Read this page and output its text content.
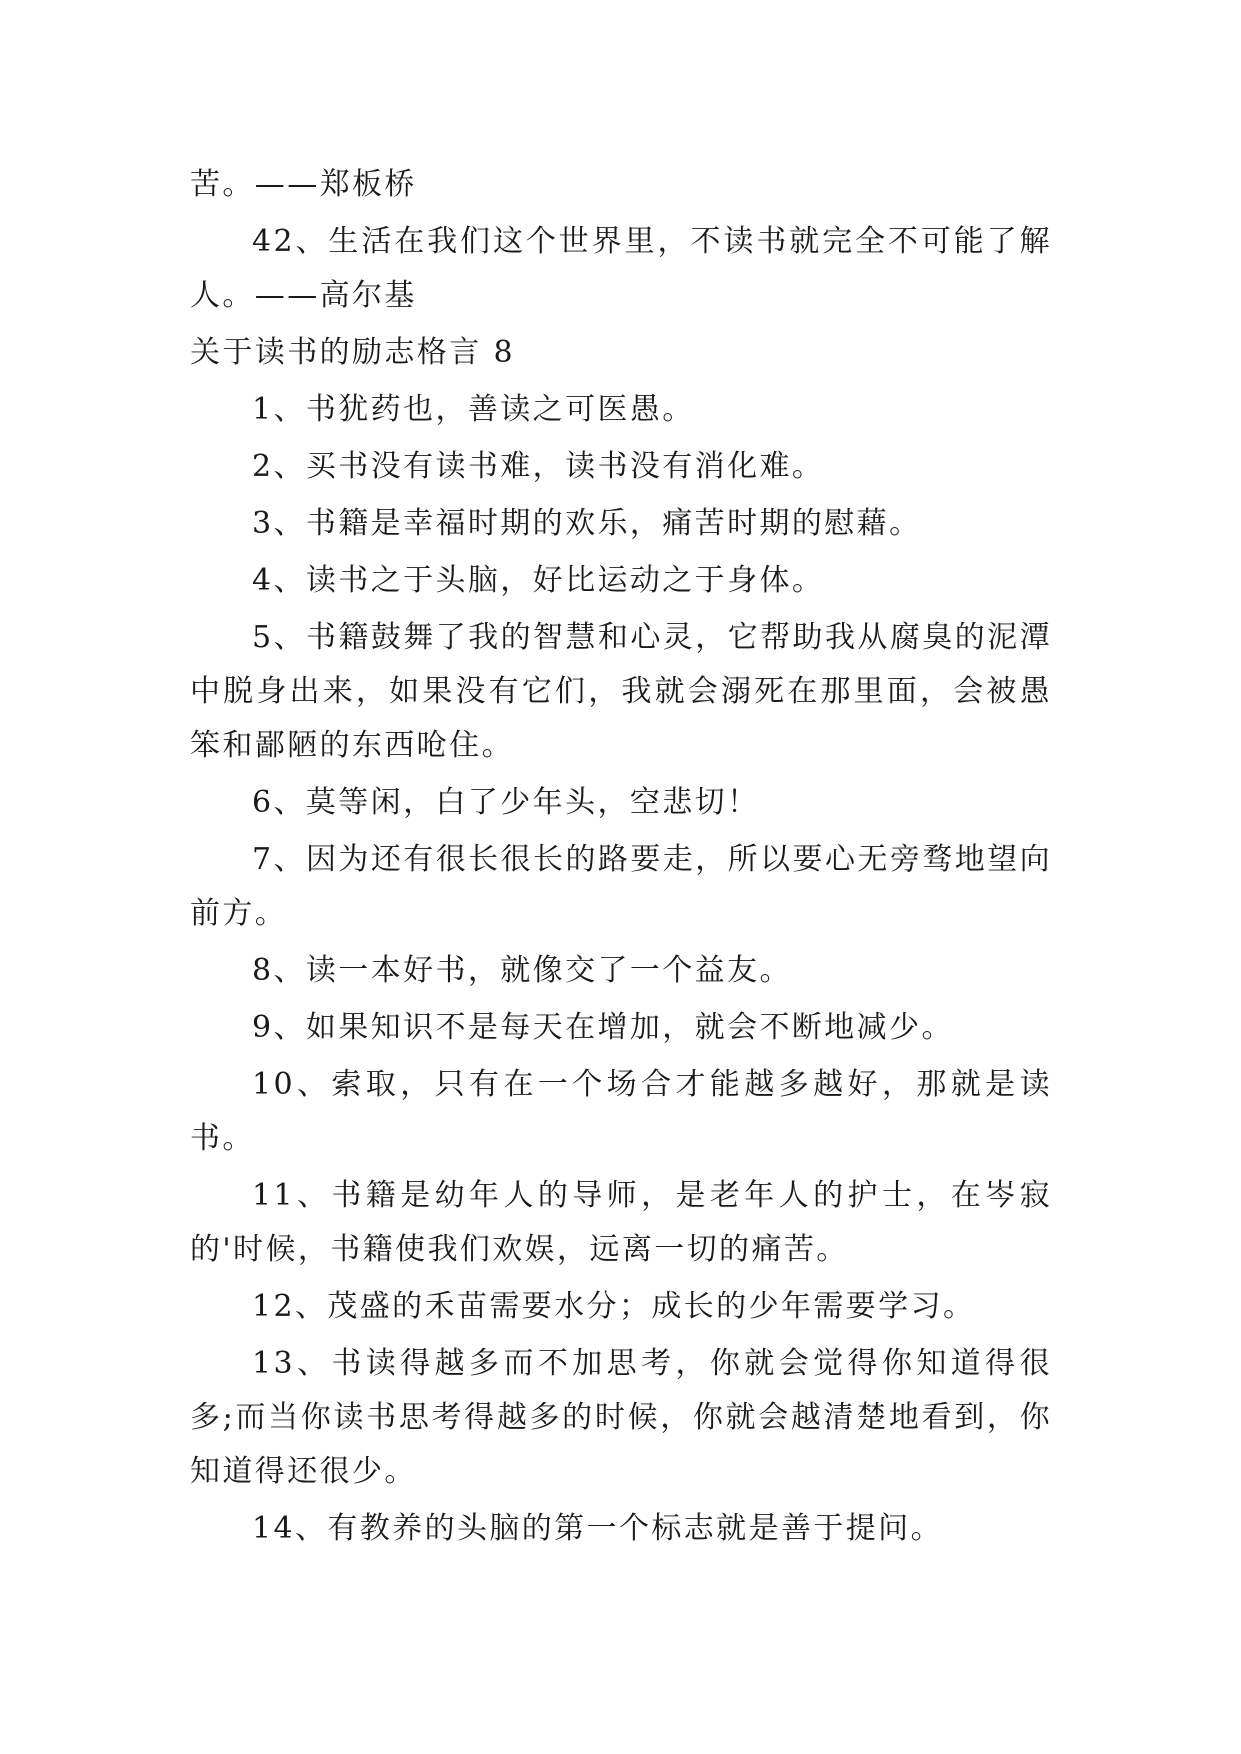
苦。——郑板桥

42、生活在我们这个世界里，不读书就完全不可能了解人。——高尔基

关于读书的励志格言 8

1、书犹药也，善读之可医愚。

2、买书没有读书难，读书没有消化难。

3、书籍是幸福时期的欢乐，痛苦时期的慰藉。

4、读书之于头脑，好比运动之于身体。

5、书籍鼓舞了我的智慧和心灵，它帮助我从腐臭的泥潭中脱身出来，如果没有它们，我就会溺死在那里面，会被愚笨和鄙陋的东西呛住。

6、莫等闲，白了少年头，空悲切！

7、因为还有很长很长的路要走，所以要心无旁骛地望向前方。

8、读一本好书，就像交了一个益友。

9、如果知识不是每天在增加，就会不断地减少。

10、索取，只有在一个场合才能越多越好，那就是读书。

11、书籍是幼年人的导师，是老年人的护士，在岑寂的'时候，书籍使我们欢娱，远离一切的痛苦。

12、茂盛的禾苗需要水分；成长的少年需要学习。

13、书读得越多而不加思考，你就会觉得你知道得很多;而当你读书思考得越多的时候，你就会越清楚地看到，你知道得还很少。

14、有教养的头脑的第一个标志就是善于提问。
